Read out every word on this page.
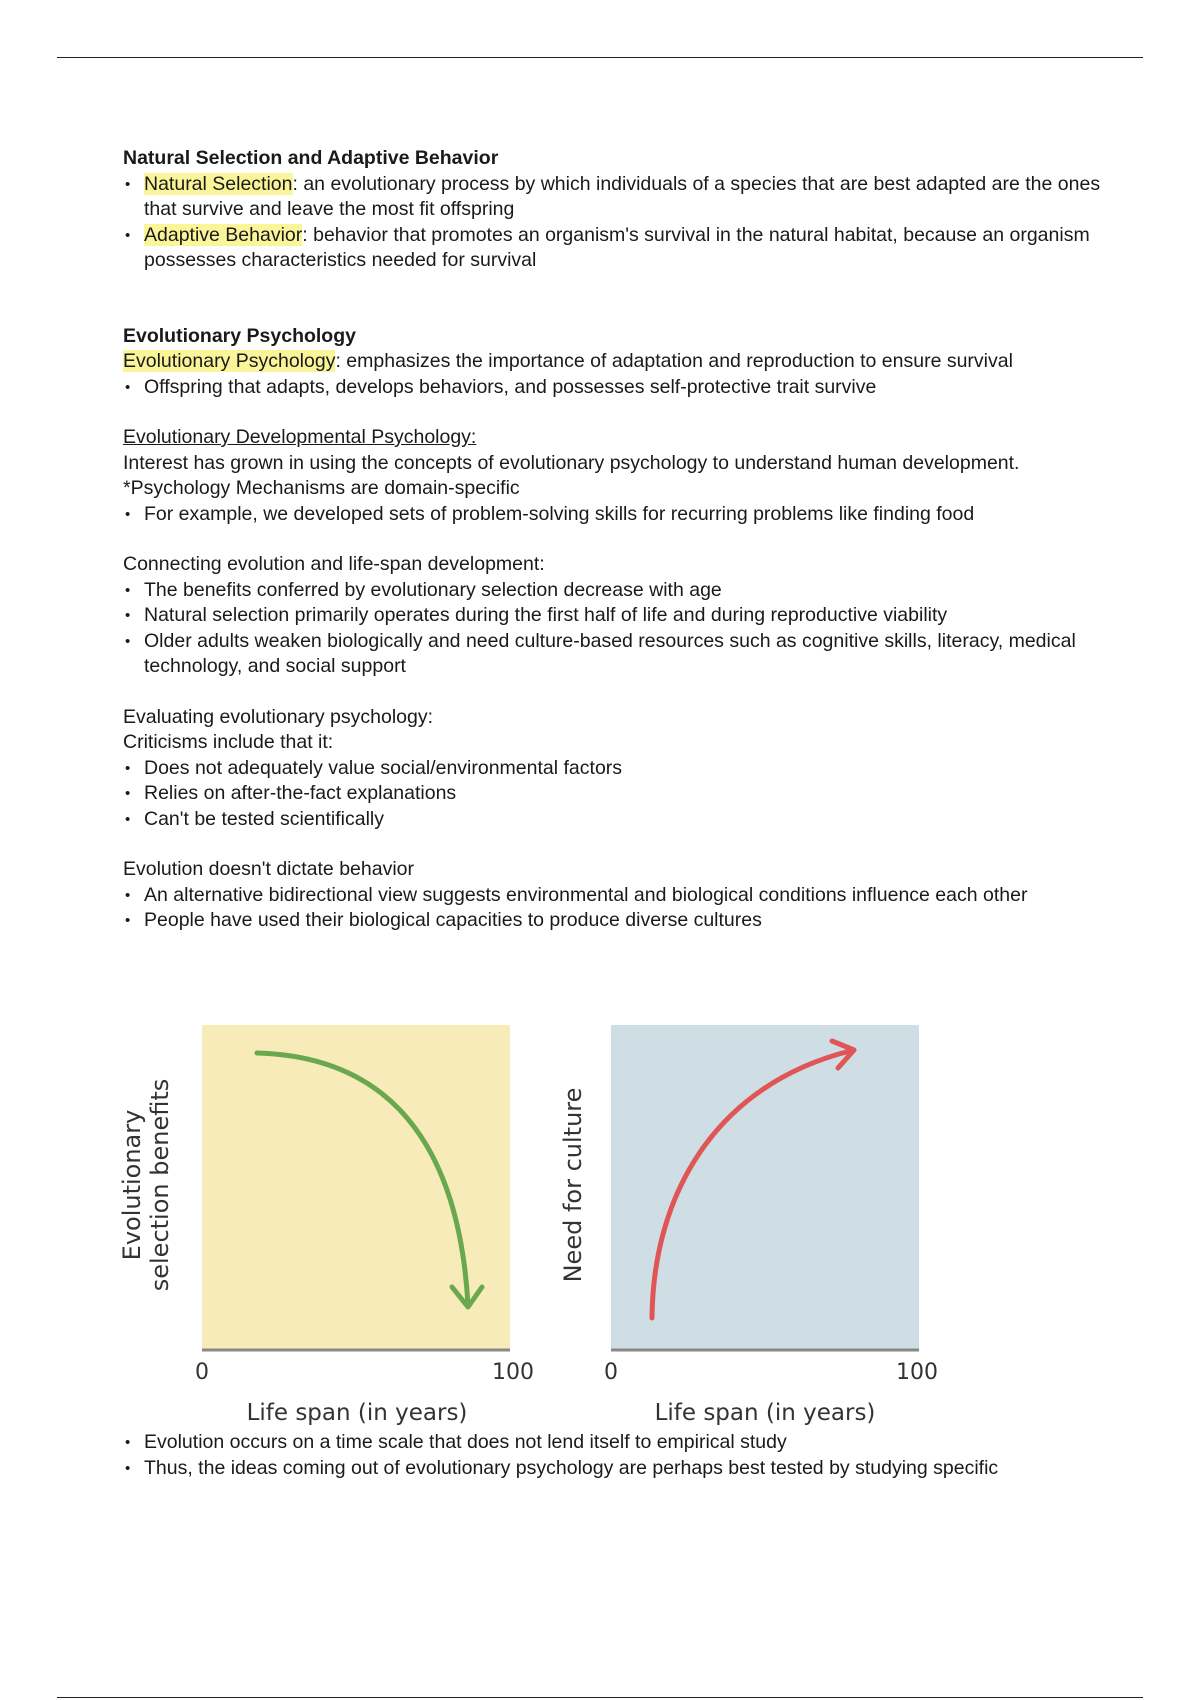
Natural Selection and Adaptive Behavior
• Natural Selection: an evolutionary process by which individuals of a species that are best adapted are the ones that survive and leave the most fit offspring
• Adaptive Behavior: behavior that promotes an organism's survival in the natural habitat, because an organism possesses characteristics needed for survival
Evolutionary Psychology
Evolutionary Psychology: emphasizes the importance of adaptation and reproduction to ensure survival
• Offspring that adapts, develops behaviors, and possesses self-protective trait survive
Evolutionary Developmental Psychology:
Interest has grown in using the concepts of evolutionary psychology to understand human development.
*Psychology Mechanisms are domain-specific
• For example, we developed sets of problem-solving skills for recurring problems like finding food
Connecting evolution and life-span development:
• The benefits conferred by evolutionary selection decrease with age
• Natural selection primarily operates during the first half of life and during reproductive viability
• Older adults weaken biologically and need culture-based resources such as cognitive skills, literacy, medical technology, and social support
Evaluating evolutionary psychology:
Criticisms include that it:
• Does not adequately value social/environmental factors
• Relies on after-the-fact explanations
• Can't be tested scientifically
Evolution doesn't dictate behavior
• An alternative bidirectional view suggests environmental and biological conditions influence each other
• People have used their biological capacities to produce diverse cultures
0	100
Life span (in years)
Evolutionary selection benefits
0	100
Life span (in years)
Need for culture
• Evolution occurs on a time scale that does not lend itself to empirical study
• Thus, the ideas coming out of evolutionary psychology are perhaps best tested by studying specific
